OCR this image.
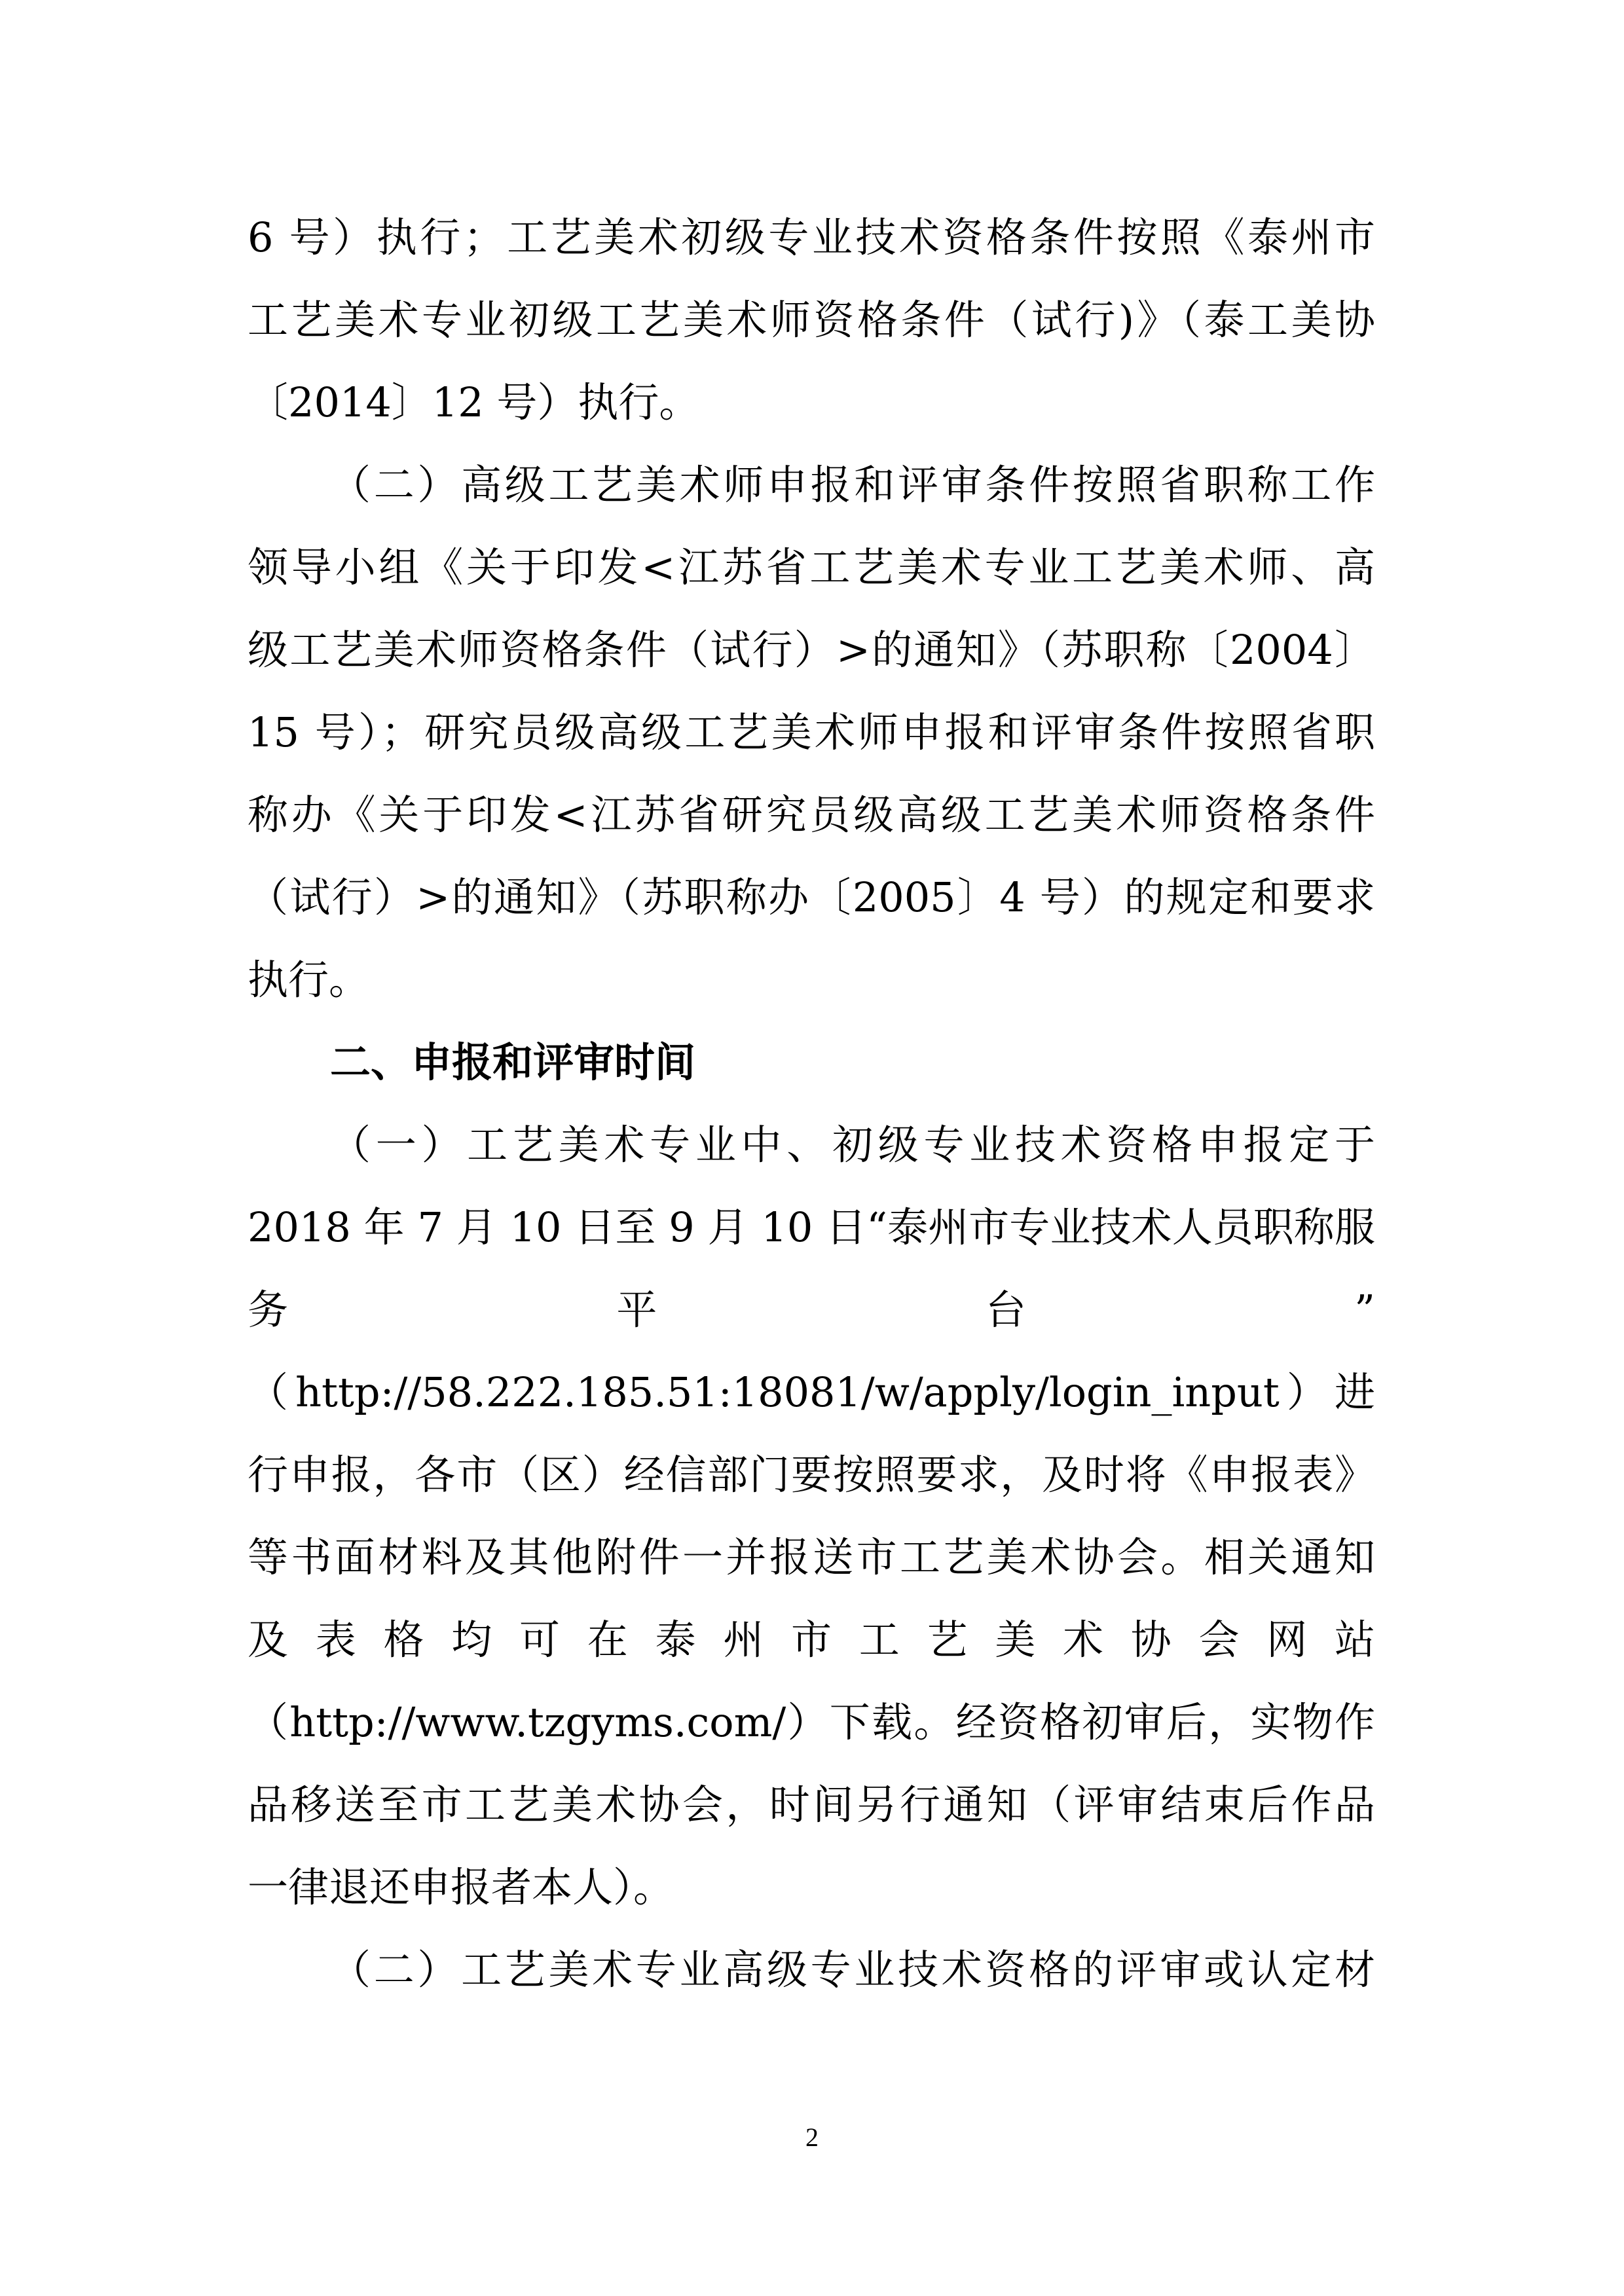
6 号）执行；工艺美术初级专业技术资格条件按照《泰州市
工艺美术专业初级工艺美术师资格条件（试行)》（泰工美协
〔2014〕12 号）执行。
（二）高级工艺美术师申报和评审条件按照省职称工作
领导小组《关于印发<江苏省工艺美术专业工艺美术师、高
级工艺美术师资格条件（试行）>的通知》（苏职称〔2004〕
15 号）；研究员级高级工艺美术师申报和评审条件按照省职
称办《关于印发<江苏省研究员级高级工艺美术师资格条件
（试行）>的通知》（苏职称办〔2005〕4 号）的规定和要求
执行。
二、申报和评审时间
（一）工艺美术专业中、初级专业技术资格申报定于
2018 年 7 月 10 日至 9 月 10 日“泰州市专业技术人员职称服
务	平	台	”
（http://58.222.185.51:18081/w/apply/login_input）进
行申报，各市（区）经信部门要按照要求，及时将《申报表》
等书面材料及其他附件一并报送市工艺美术协会。相关通知
及表格均可在泰州市工艺美术协会网站
（http://www.tzgyms.com/）下载。经资格初审后，实物作
品移送至市工艺美术协会，时间另行通知（评审结束后作品
一律退还申报者本人）。
（二）工艺美术专业高级专业技术资格的评审或认定材
2
